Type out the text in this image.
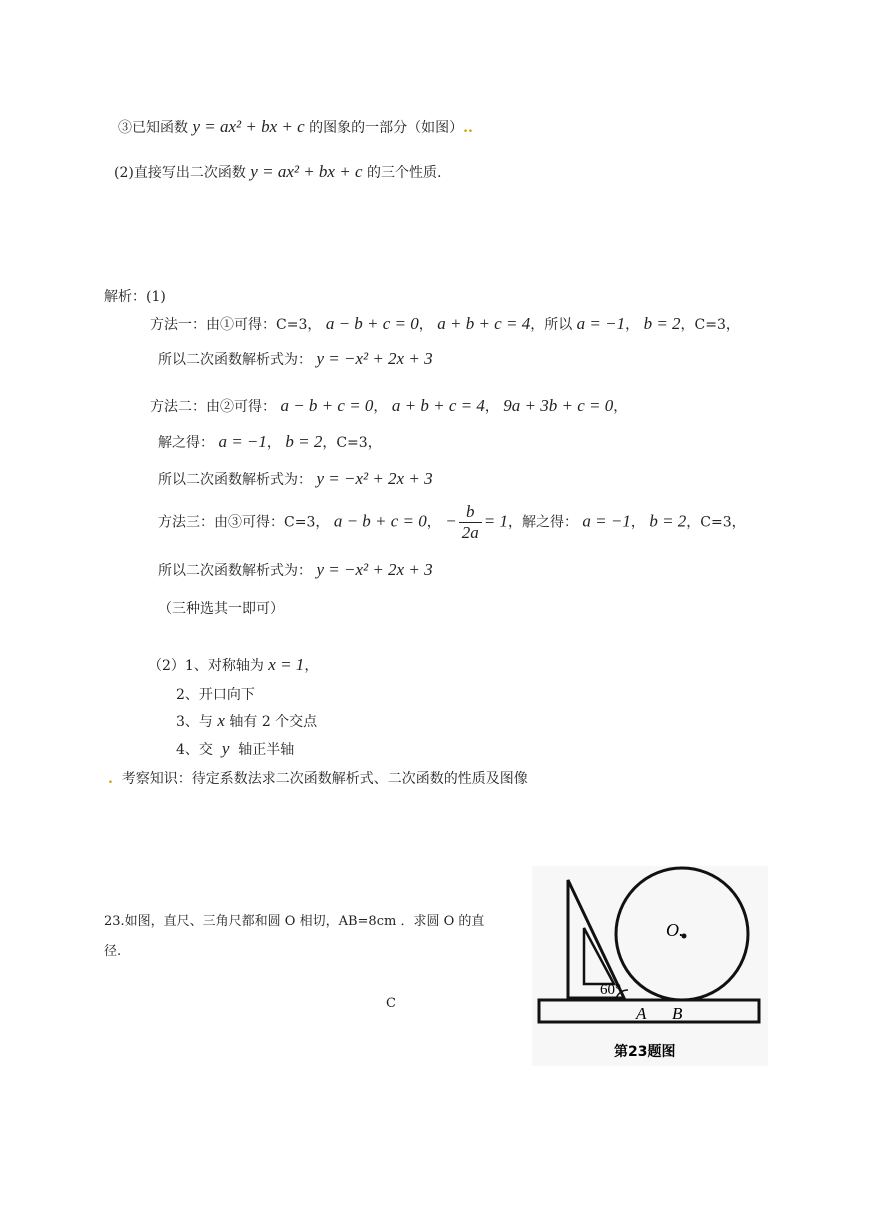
③已知函数 y = ax² + bx + c 的图象的一部分（如图）..
(2)直接写出二次函数 y = ax² + bx + c 的三个性质.
解析：(1)
方法一：由①可得：C=3， a − b + c = 0， a + b + c = 4，所以 a = −1， b = 2，C=3，
所以二次函数解析式为： y = −x² + 2x + 3
方法二：由②可得： a − b + c = 0， a + b + c = 4， 9a + 3b + c = 0，
解之得： a = −1， b = 2，C=3，
所以二次函数解析式为： y = −x² + 2x + 3
方法三：由③可得：C=3， a − b + c = 0， − $\frac{b}{2a} = 1$，解之得： a = −1， b = 2，C=3，
所以二次函数解析式为： y = −x² + 2x + 3
（三种选其一即可）
（2）1、对称轴为 x = 1，
2、开口向下
3、与 x 轴有 2 个交点
4、交 y 轴正半轴
. 考察知识：待定系数法求二次函数解析式、二次函数的性质及图像
23.如图，直尺、三角尺都和圆 O 相切，AB=8cm ．求圆 O 的直
径.
C
O.
60°
A B
第23题图
